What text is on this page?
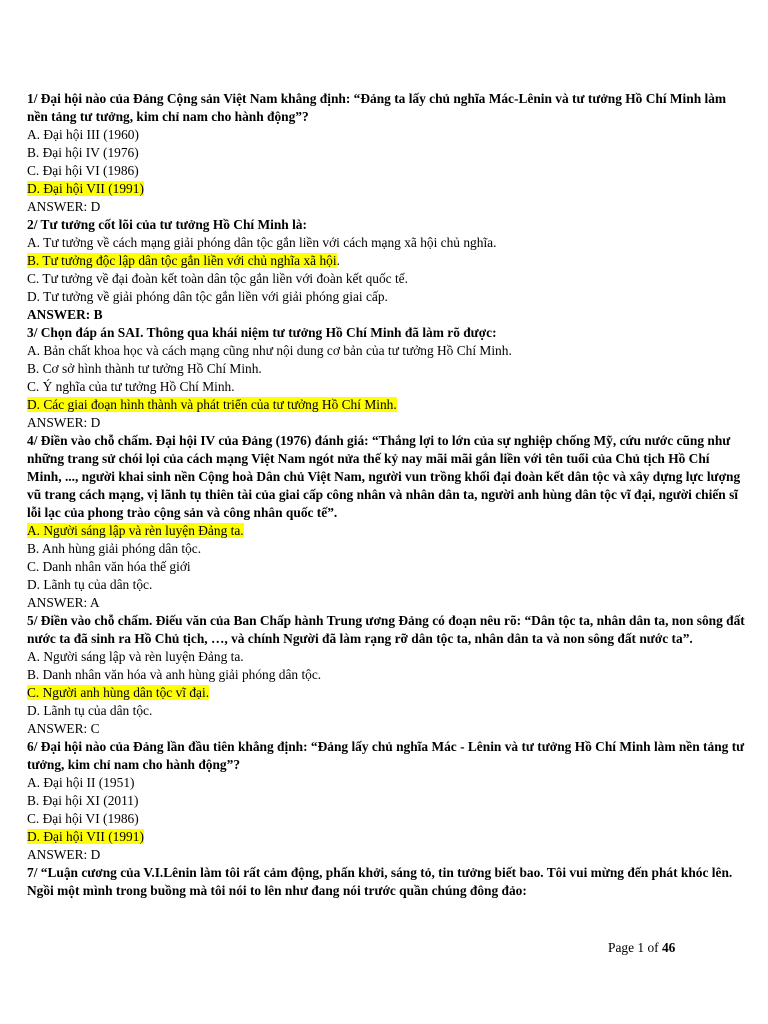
1/ Đại hội nào của Đảng Cộng sản Việt Nam khẳng định: “Đảng ta lấy chủ nghĩa Mác-Lênin và tư tưởng Hồ Chí Minh làm nền tảng tư tưởng, kim chỉ nam cho hành động”?
A. Đại hội III (1960)
B. Đại hội IV (1976)
C. Đại hội VI (1986)
D. Đại hội VII (1991)
ANSWER: D
2/ Tư tưởng cốt lõi của tư tưởng Hồ Chí Minh là:
A. Tư tưởng về cách mạng giải phóng dân tộc gắn liền với cách mạng xã hội chủ nghĩa.
B. Tư tưởng độc lập dân tộc gắn liền với chủ nghĩa xã hội.
C. Tư tưởng về đại đoàn kết toàn dân tộc gắn liền với đoàn kết quốc tế.
D. Tư tưởng về giải phóng dân tộc gắn liền với giải phóng giai cấp.
ANSWER: B
3/ Chọn đáp án SAI. Thông qua khái niệm tư tưởng Hồ Chí Minh đã làm rõ được:
A. Bản chất khoa học và cách mạng cũng như nội dung cơ bản của tư tưởng Hồ Chí Minh.
B. Cơ sở hình thành tư tưởng Hồ Chí Minh.
C. Ý nghĩa của tư tưởng Hồ Chí Minh.
D. Các giai đoạn hình thành và phát triển của tư tưởng Hồ Chí Minh.
ANSWER: D
4/ Điền vào chỗ chấm. Đại hội IV của Đảng (1976) đánh giá: “Thắng lợi to lớn của sự nghiệp chống Mỹ, cứu nước cũng như những trang sử chói lọi của cách mạng Việt Nam ngót nửa thế kỷ nay mãi mãi gắn liền với tên tuổi của Chủ tịch Hồ Chí Minh, ..., người khai sinh nền Cộng hoà Dân chủ Việt Nam, người vun trồng khối đại đoàn kết dân tộc và xây dựng lực lượng vũ trang cách mạng, vị lãnh tụ thiên tài của giai cấp công nhân và nhân dân ta, người anh hùng dân tộc vĩ đại, người chiến sĩ lỗi lạc của phong trào cộng sản và công nhân quốc tế”.
A. Người sáng lập và rèn luyện Đảng ta.
B. Anh hùng giải phóng dân tộc.
C. Danh nhân văn hóa thế giới
D. Lãnh tụ của dân tộc.
ANSWER: A
5/ Điền vào chỗ chấm. Điếu văn của Ban Chấp hành Trung ương Đảng có đoạn nêu rõ: “Dân tộc ta, nhân dân ta, non sông đất nước ta đã sinh ra Hồ Chủ tịch, …, và chính Người đã làm rạng rỡ dân tộc ta, nhân dân ta và non sông đất nước ta”.
A. Người sáng lập và rèn luyện Đảng ta.
B. Danh nhân văn hóa và anh hùng giải phóng dân tộc.
C. Người anh hùng dân tộc vĩ đại.
D. Lãnh tụ của dân tộc.
ANSWER: C
6/ Đại hội nào của Đảng lần đầu tiên khẳng định: “Đảng lấy chủ nghĩa Mác - Lênin và tư tưởng Hồ Chí Minh làm nền tảng tư tưởng, kim chỉ nam cho hành động”?
A. Đại hội II (1951)
B. Đại hội XI (2011)
C. Đại hội VI (1986)
D. Đại hội VII (1991)
ANSWER: D
7/ “Luận cương của V.I.Lênin làm tôi rất cảm động, phấn khởi, sáng tỏ, tin tưởng biết bao. Tôi vui mừng đến phát khóc lên. Ngồi một mình trong buồng mà tôi nói to lên như đang nói trước quần chúng đông đảo:
Page 1 of 46
